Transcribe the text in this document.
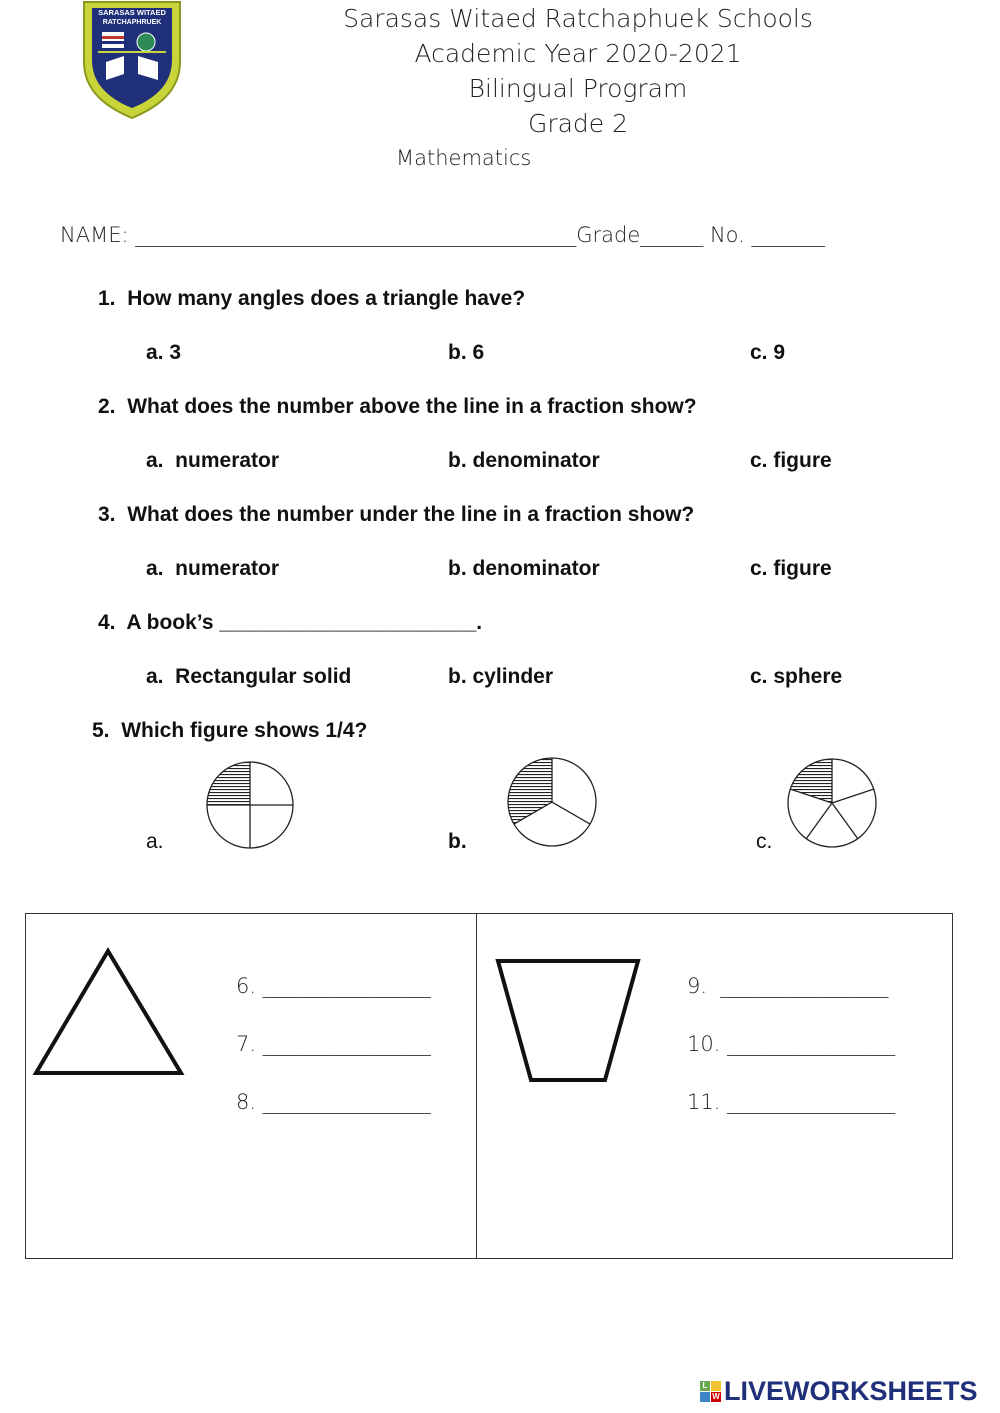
SARASAS WITAED
RATCHAPHRUEK	Sarasas Witaed Ratchaphuek Schools
Academic Year 2020-2021
Bilingual Program
Grade 2
Mathematics
NAME: __________________________________________Grade______ No. _______
1. How many angles does a triangle have?
a. 3	b. 6	c. 9
2. What does the number above the line in a fraction show?
a.  numerator	b. denominator	c. figure
3. What does the number under the line in a fraction show?
a.  numerator	b. denominator	c. figure
4. A book’s ______________________.
a.  Rectangular solid	b. cylinder	c. sphere
5. Which figure shows 1/4?
a.	b.	c.
6. ________________
7. ________________
8. ________________
9.  ________________
10. ________________
11. ________________
L
W LIVEWORKSHEETS
